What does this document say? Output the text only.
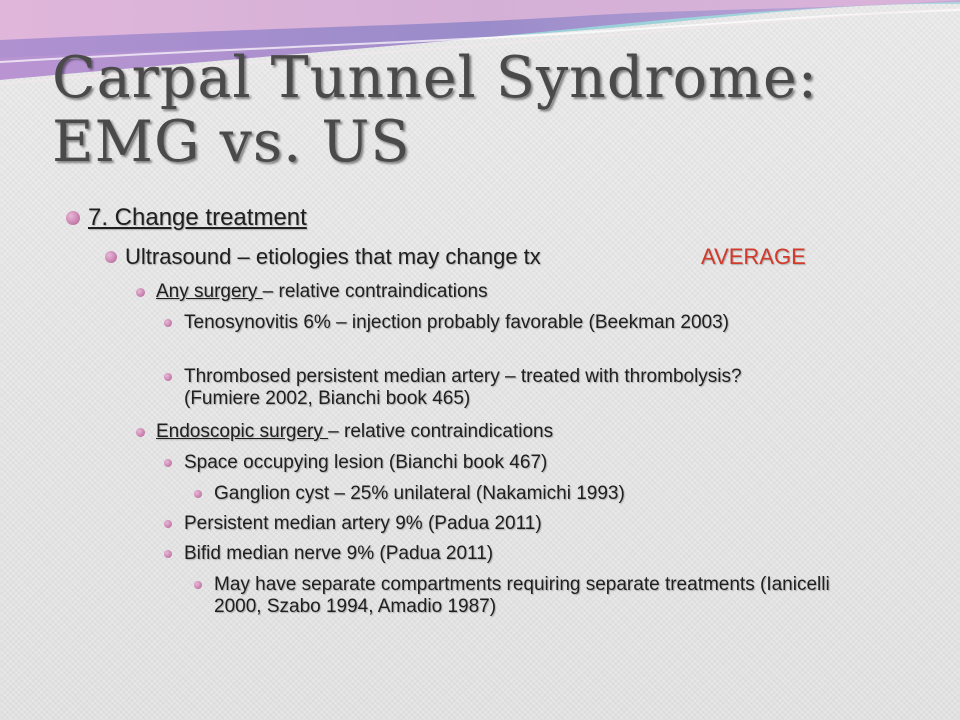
Carpal Tunnel Syndrome:
EMG vs. US
7. Change treatment
Ultrasound – etiologies that may change tx	AVERAGE
Any surgery – relative contraindications
Tenosynovitis 6% – injection probably favorable (Beekman 2003)
Thrombosed persistent median artery – treated with thrombolysis? (Fumiere 2002, Bianchi book 465)
Endoscopic surgery – relative contraindications
Space occupying lesion (Bianchi book 467)
Ganglion cyst – 25% unilateral (Nakamichi 1993)
Persistent median artery 9% (Padua 2011)
Bifid median nerve 9% (Padua 2011)
May have separate compartments requiring separate treatments (Ianicelli 2000, Szabo 1994, Amadio 1987)
